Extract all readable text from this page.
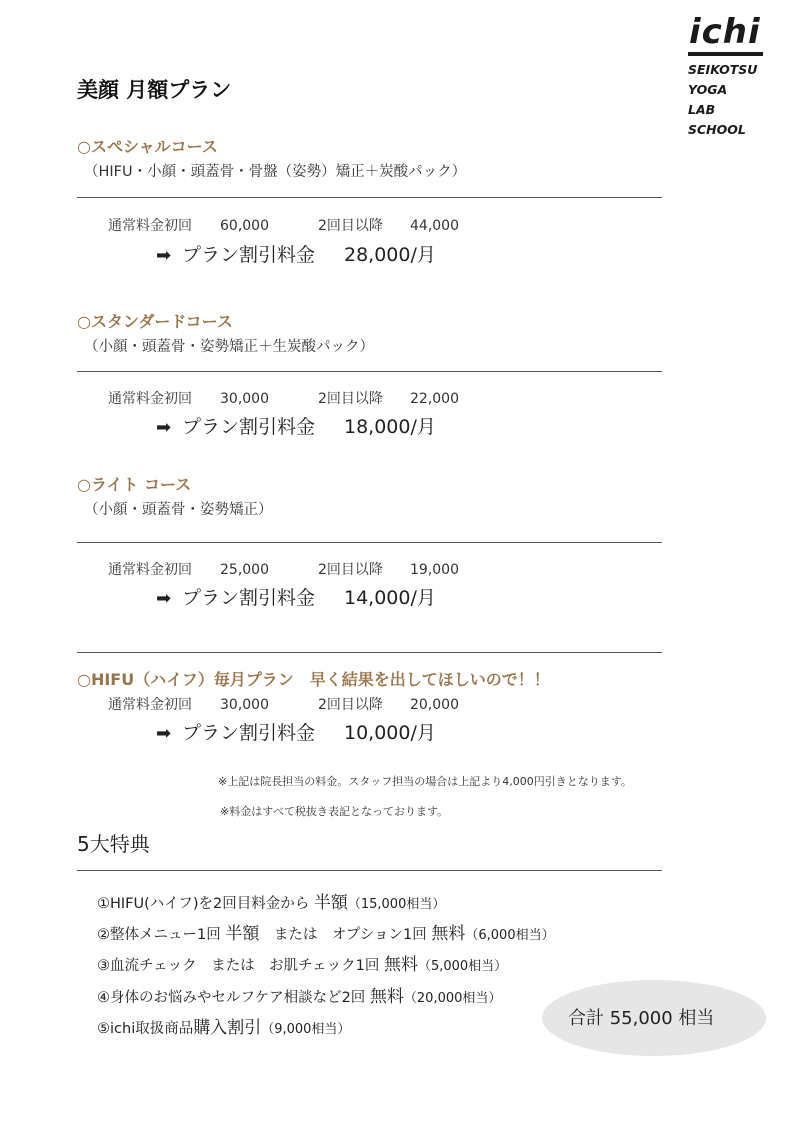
ichi
SEIKOTSU
YOGA
LAB
SCHOOL
美顔 月額プラン
○スペシャルコース
（HIFU・小顔・頭蓋骨・骨盤（姿勢）矯正＋炭酸パック）
通常料金初回 60,000	2回目以降 44,000
➡ プラン割引料金 28,000/月
○スタンダードコース
（小顔・頭蓋骨・姿勢矯正＋生炭酸パック）
通常料金初回 30,000	2回目以降 22,000
➡ プラン割引料金 18,000/月
○ライト コース
（小顔・頭蓋骨・姿勢矯正）
通常料金初回 25,000	2回目以降 19,000
➡ プラン割引料金 14,000/月
○HIFU（ハイフ）毎月プラン　早く結果を出してほしいので！！
通常料金初回 30,000	2回目以降 20,000
➡ プラン割引料金 10,000/月
※上記は院長担当の料金。スタッフ担当の場合は上記より4,000円引きとなります。
※料金はすべて税抜き表記となっております。
5大特典
①HIFU(ハイフ)を2回目料金から 半額（15,000相当）
②整体メニュー1回 半額　または　オプション1回 無料（6,000相当）
③血流チェック　または　お肌チェック1回 無料（5,000相当）
④身体のお悩みやセルフケア相談など2回 無料（20,000相当）
⑤ichi取扱商品購入割引（9,000相当）
合計 55,000 相当
